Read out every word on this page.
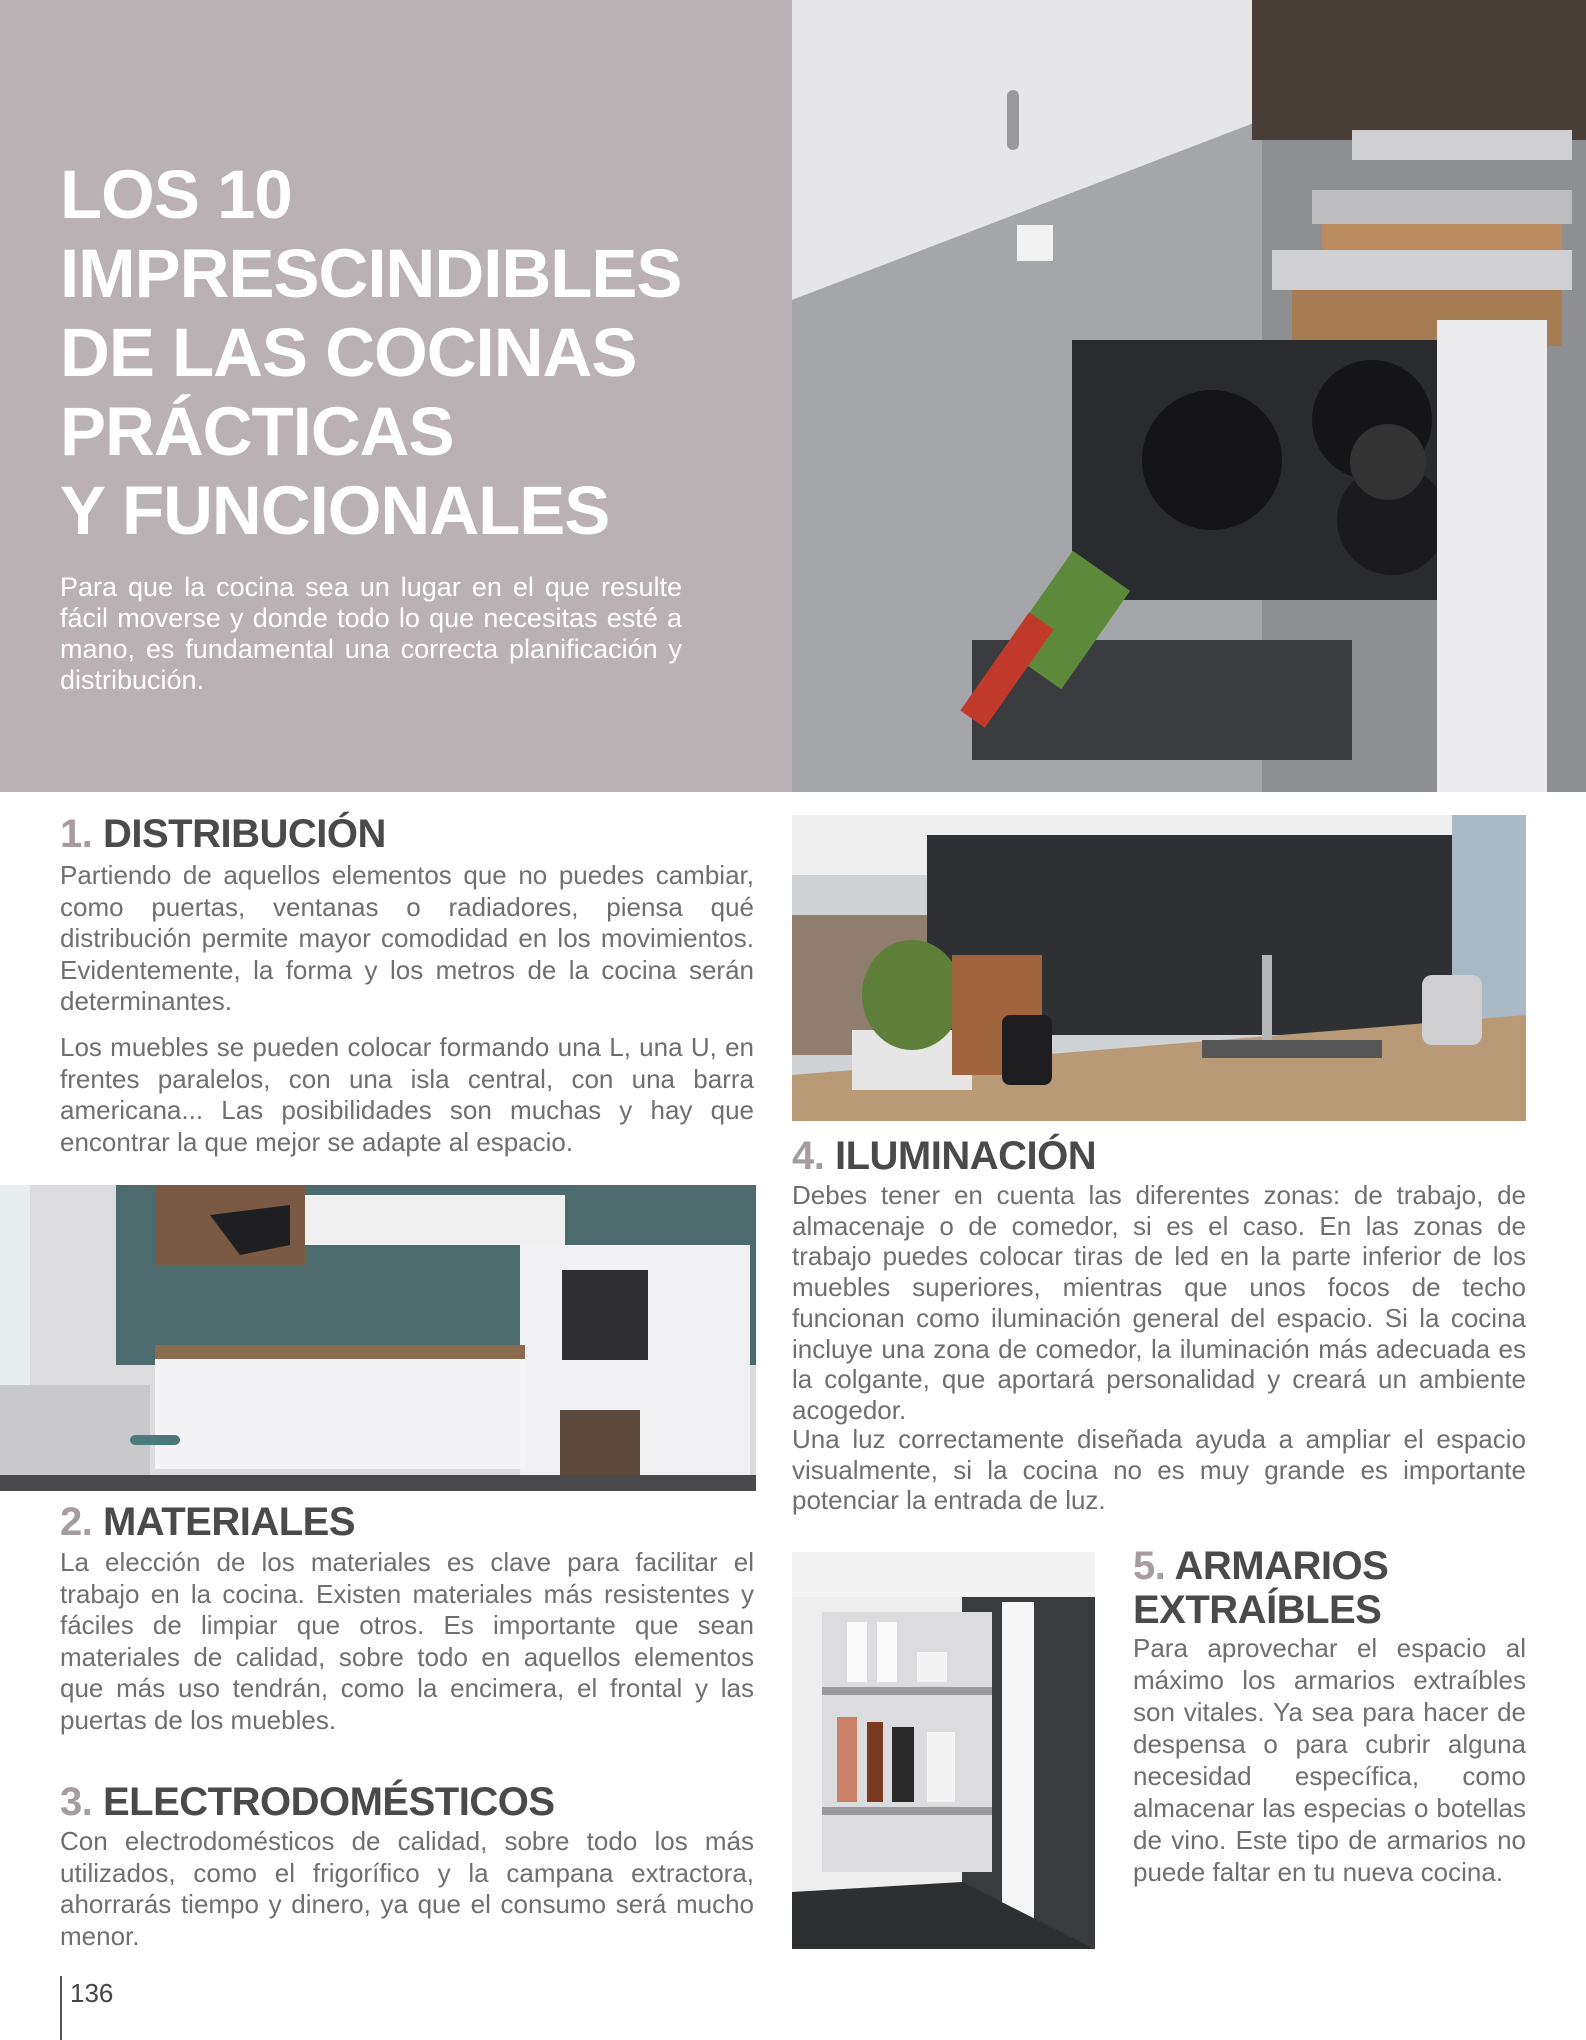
LOS 10
IMPRESCINDIBLES
DE LAS COCINAS
PRÁCTICAS
Y FUNCIONALES

Para que la cocina sea un lugar en el que resulte fácil moverse y donde todo lo que necesitas esté a mano, es fundamental una correcta planificación y distribución.

1. DISTRIBUCIÓN

Partiendo de aquellos elementos que no puedes cambiar, como puertas, ventanas o radiadores, piensa qué distribución permite mayor comodidad en los movimientos. Evidentemente, la forma y los metros de la cocina serán determinantes.

Los muebles se pueden colocar formando una L, una U, en frentes paralelos, con una isla central, con una barra americana... Las posibilidades son muchas y hay que encontrar la que mejor se adapte al espacio.

2. MATERIALES

La elección de los materiales es clave para facilitar el trabajo en la cocina. Existen materiales más resistentes y fáciles de limpiar que otros. Es importante que sean materiales de calidad, sobre todo en aquellos elementos que más uso tendrán, como la encimera, el frontal y las puertas de los muebles.

3. ELECTRODOMÉSTICOS

Con electrodomésticos de calidad, sobre todo los más utilizados, como el frigorífico y la campana extractora, ahorrarás tiempo y dinero, ya que el consumo será mucho menor.

4. ILUMINACIÓN

Debes tener en cuenta las diferentes zonas: de trabajo, de almacenaje o de comedor, si es el caso. En las zonas de trabajo puedes colocar tiras de led en la parte inferior de los muebles superiores, mientras que unos focos de techo funcionan como iluminación general del espacio. Si la cocina incluye una zona de comedor, la iluminación más adecuada es la colgante, que aportará personalidad y creará un ambiente acogedor.

Una luz correctamente diseñada ayuda a ampliar el espacio visualmente, si la cocina no es muy grande es importante potenciar la entrada de luz.

5. ARMARIOS
EXTRAÍBLES

Para aprovechar el espacio al máximo los armarios extraíbles son vitales. Ya sea para hacer de despensa o para cubrir alguna necesidad específica, como almacenar las especias o botellas de vino. Este tipo de armarios no puede faltar en tu nueva cocina.

136
